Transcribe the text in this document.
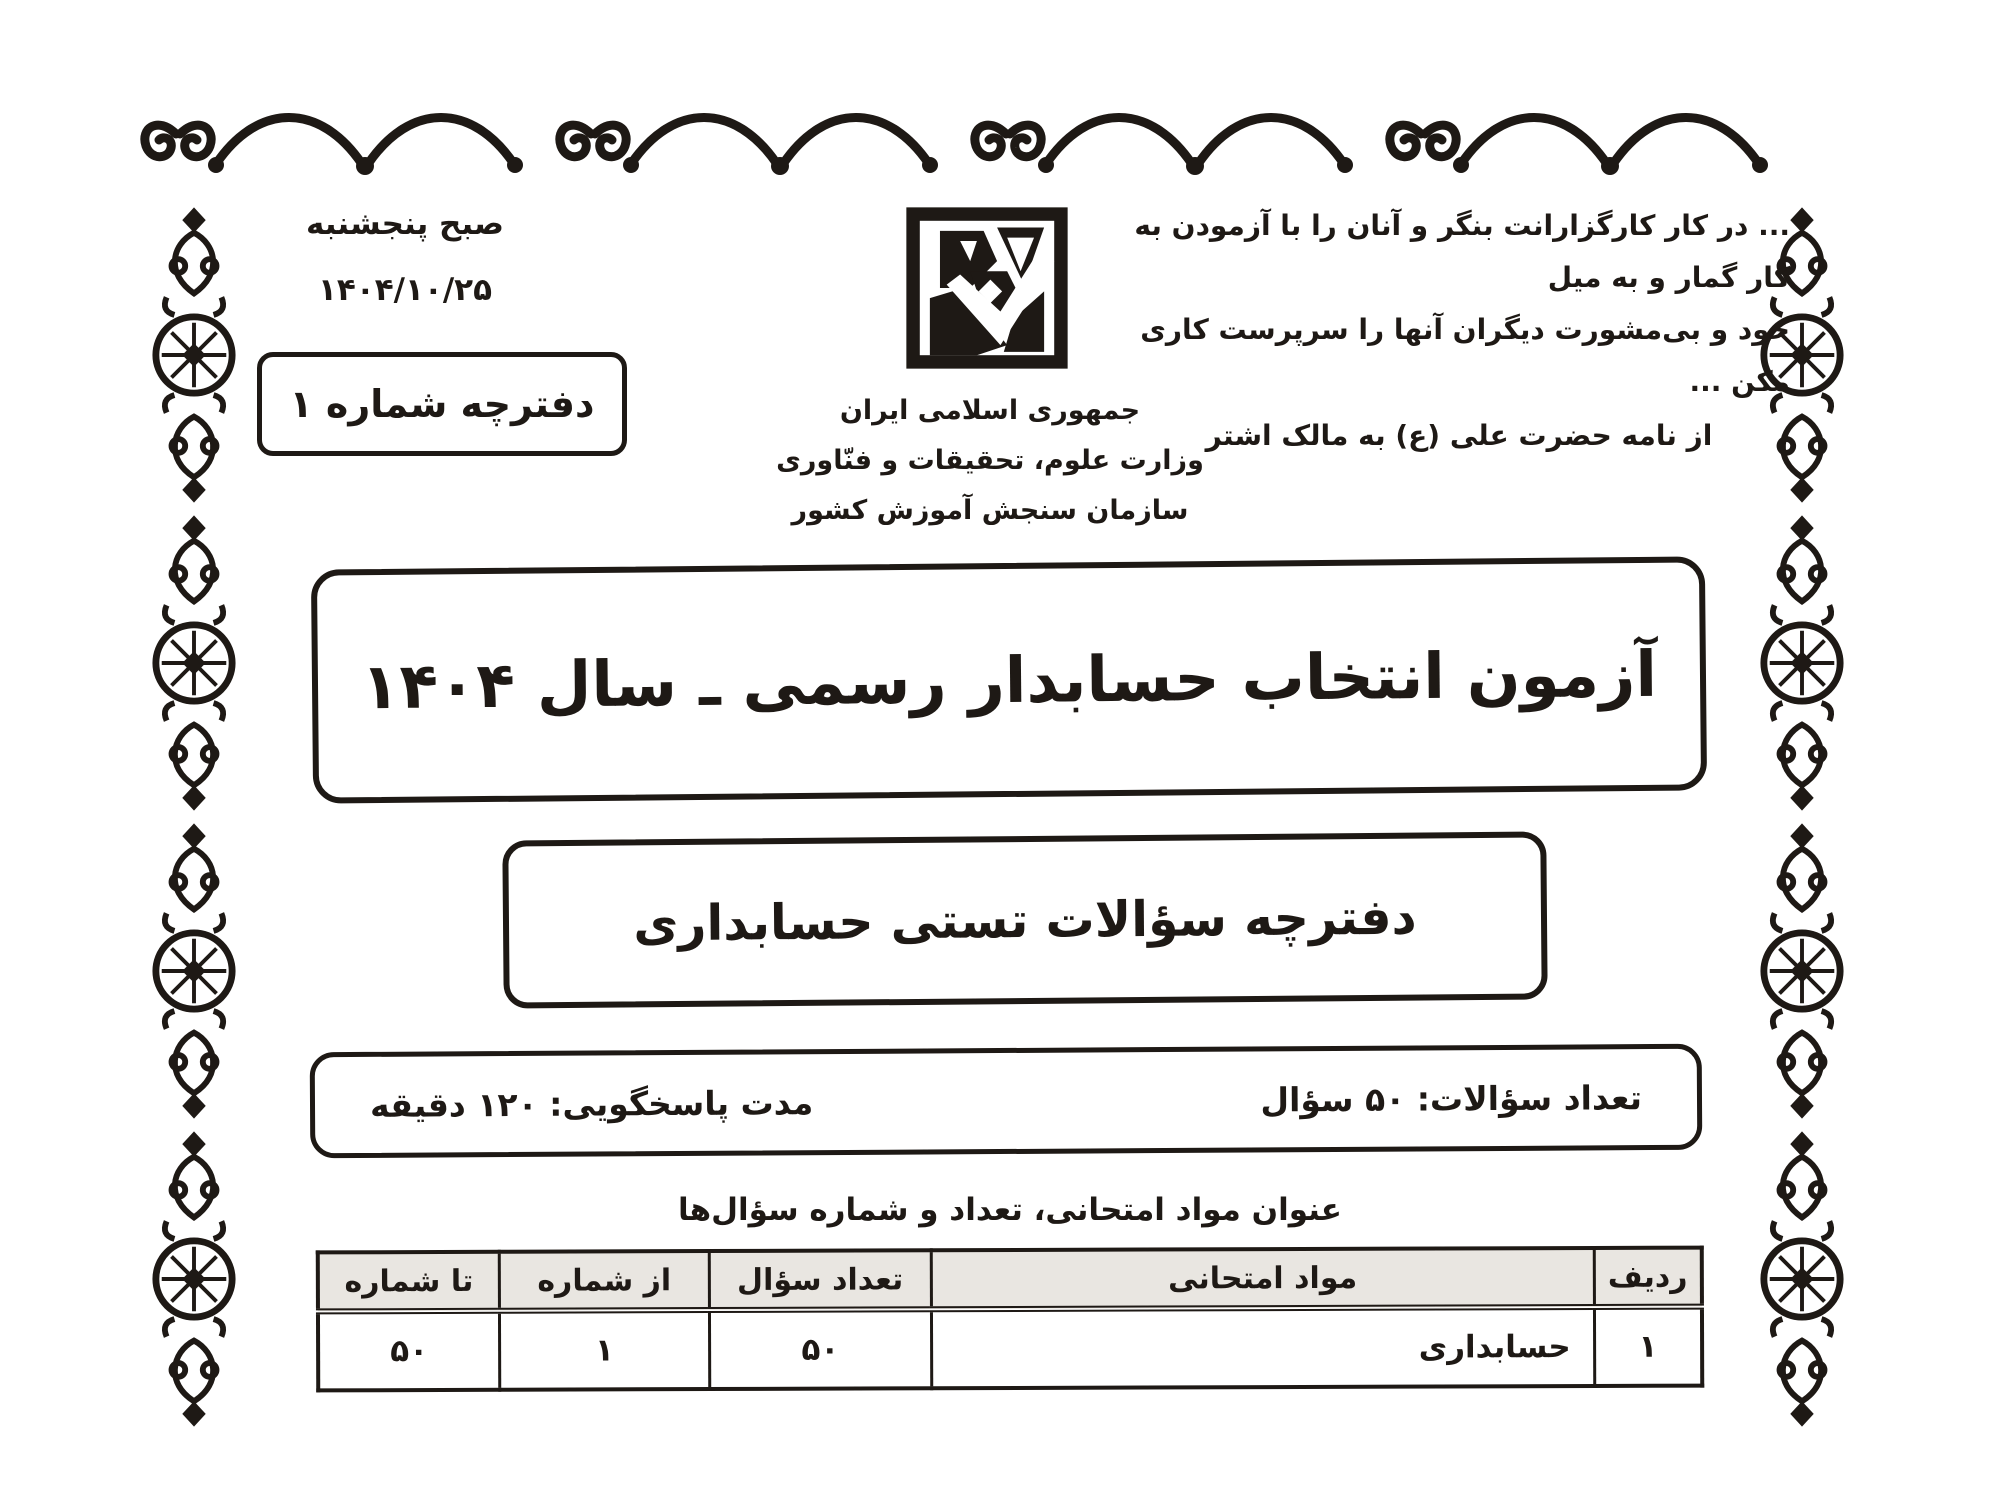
... در کار کارگزارانت بنگر و آنان را با آزمودن به کار گمار و به میل
خود و بی‌مشورت دیگران آنها را سرپرست کاری مکن ...
از نامه حضرت علی (ع) به مالک اشتر
جمهوری اسلامی ایران
وزارت علوم، تحقیقات و فنّاوری
سازمان سنجش آموزش کشور
صبح پنجشنبه
۱۴۰۴/۱۰/۲۵
دفترچه شماره ۱
آزمون انتخاب حسابدار رسمی ـ سال ۱۴۰۴
دفترچه سؤالات تستی حسابداری
تعداد سؤالات: ۵۰ سؤال
مدت پاسخگویی: ۱۲۰ دقیقه
عنوان مواد امتحانی، تعداد و شماره سؤال‌ها
ردیف	مواد امتحانی	تعداد سؤال	از شماره	تا شماره
۱	حسابداری	۵۰	۱	۵۰
